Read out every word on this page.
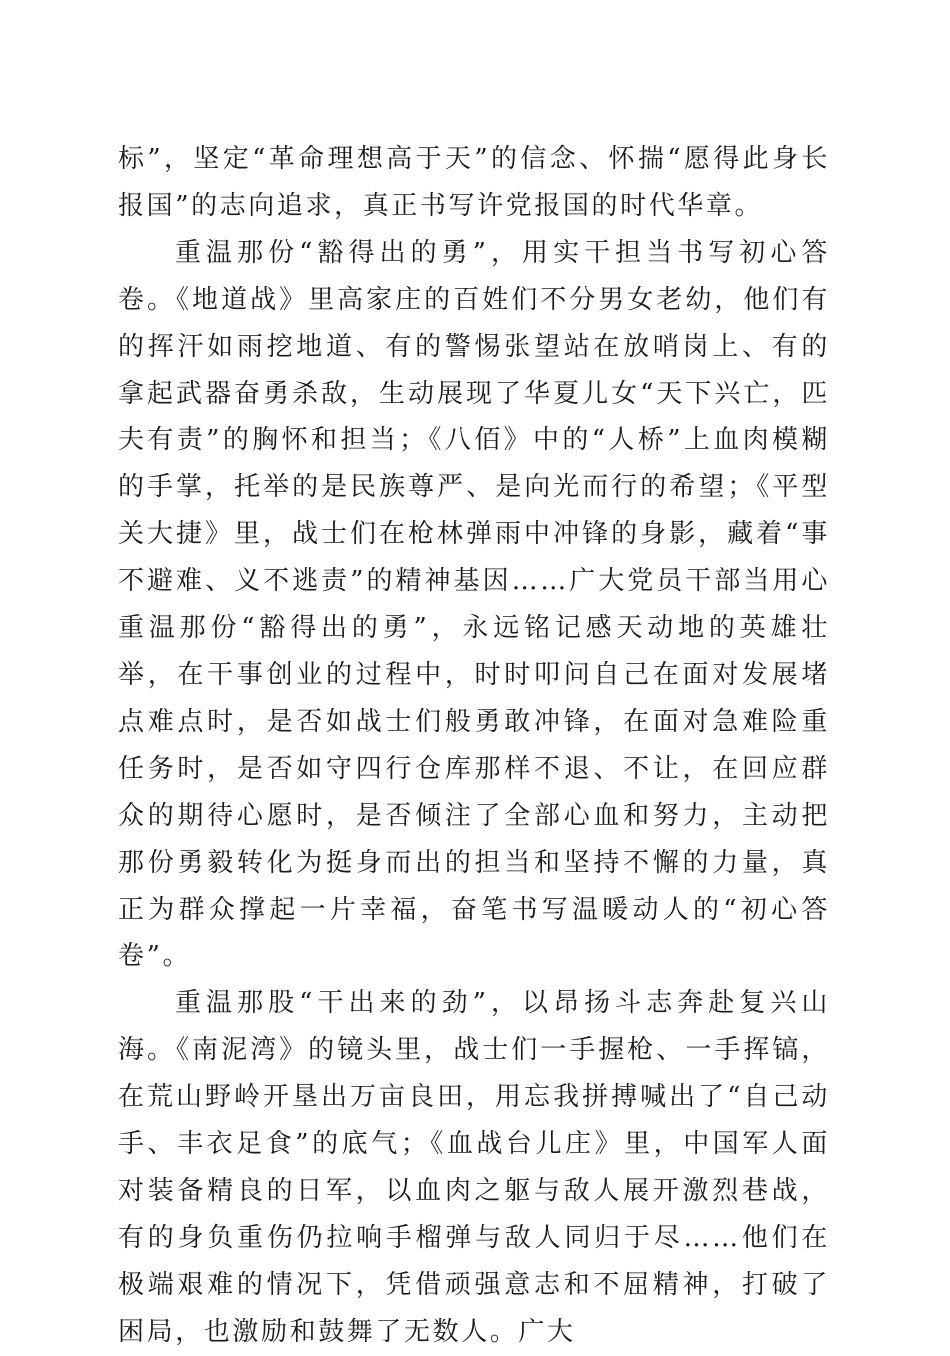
标”，坚定“革命理想高于天”的信念、怀揣“愿得此身长报国”的志向追求，真正书写许党报国的时代华章。

重温那份“豁得出的勇”，用实干担当书写初心答卷。《地道战》里高家庄的百姓们不分男女老幼，他们有的挥汗如雨挖地道、有的警惕张望站在放哨岗上、有的拿起武器奋勇杀敌，生动展现了华夏儿女“天下兴亡，匹夫有责”的胸怀和担当；《八佰》中的“人桥”上血肉模糊的手掌，托举的是民族尊严、是向光而行的希望；《平型关大捷》里，战士们在枪林弹雨中冲锋的身影，藏着“事不避难、义不逃责”的精神基因……广大党员干部当用心重温那份“豁得出的勇”，永远铭记感天动地的英雄壮举，在干事创业的过程中，时时叩问自己在面对发展堵点难点时，是否如战士们般勇敢冲锋，在面对急难险重任务时，是否如守四行仓库那样不退、不让，在回应群众的期待心愿时，是否倾注了全部心血和努力，主动把那份勇毅转化为挺身而出的担当和坚持不懈的力量，真正为群众撑起一片幸福，奋笔书写温暖动人的“初心答卷”。

重温那股“干出来的劲”，以昂扬斗志奔赴复兴山海。《南泥湾》的镜头里，战士们一手握枪、一手挥镐，在荒山野岭开垦出万亩良田，用忘我拼搏喊出了“自己动手、丰衣足食”的底气；《血战台儿庄》里，中国军人面对装备精良的日军，以血肉之躯与敌人展开激烈巷战，有的身负重伤仍拉响手榴弹与敌人同归于尽……他们在极端艰难的情况下，凭借顽强意志和不屈精神，打破了困局，也激励和鼓舞了无数人。广大
